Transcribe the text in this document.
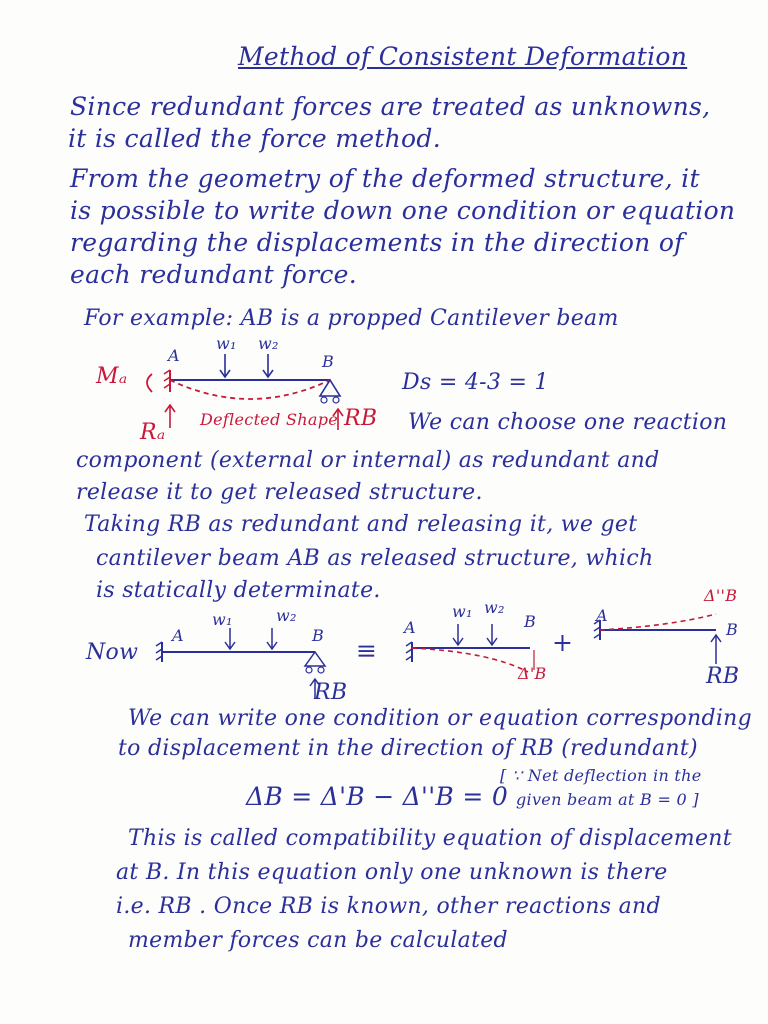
Method of Consistent Deformation
Since redundant forces are treated as unknowns,
it is called the force method.
From the geometry of the deformed structure, it
is possible to write down one condition or equation
regarding the displacements in the direction of
each redundant force.
For example: AB is a propped Cantilever beam
A
w₁ w₂
B
Mₐ
Rₐ
Deflected Shape RB
Ds = 4-3 = 1
We can choose one reaction
component (external or internal) as redundant and
release it to get released structure.
Taking RB as redundant and releasing it, we get
cantilever beam AB as released structure, which
is statically determinate.
Now
A
w₁	w₂
B
RB
≡
A
w₁ w₂
B
Δ'B
+
A
B
Δ''B
RB
We can write one condition or equation corresponding
to displacement in the direction of RB (redundant)
ΔB = Δ'B − Δ''B = 0
[ ∵ Net deflection in the
given beam at B = 0 ]
This is called compatibility equation of displacement
at B. In this equation only one unknown is there
i.e. RB . Once RB is known, other reactions and
member forces can be calculated
